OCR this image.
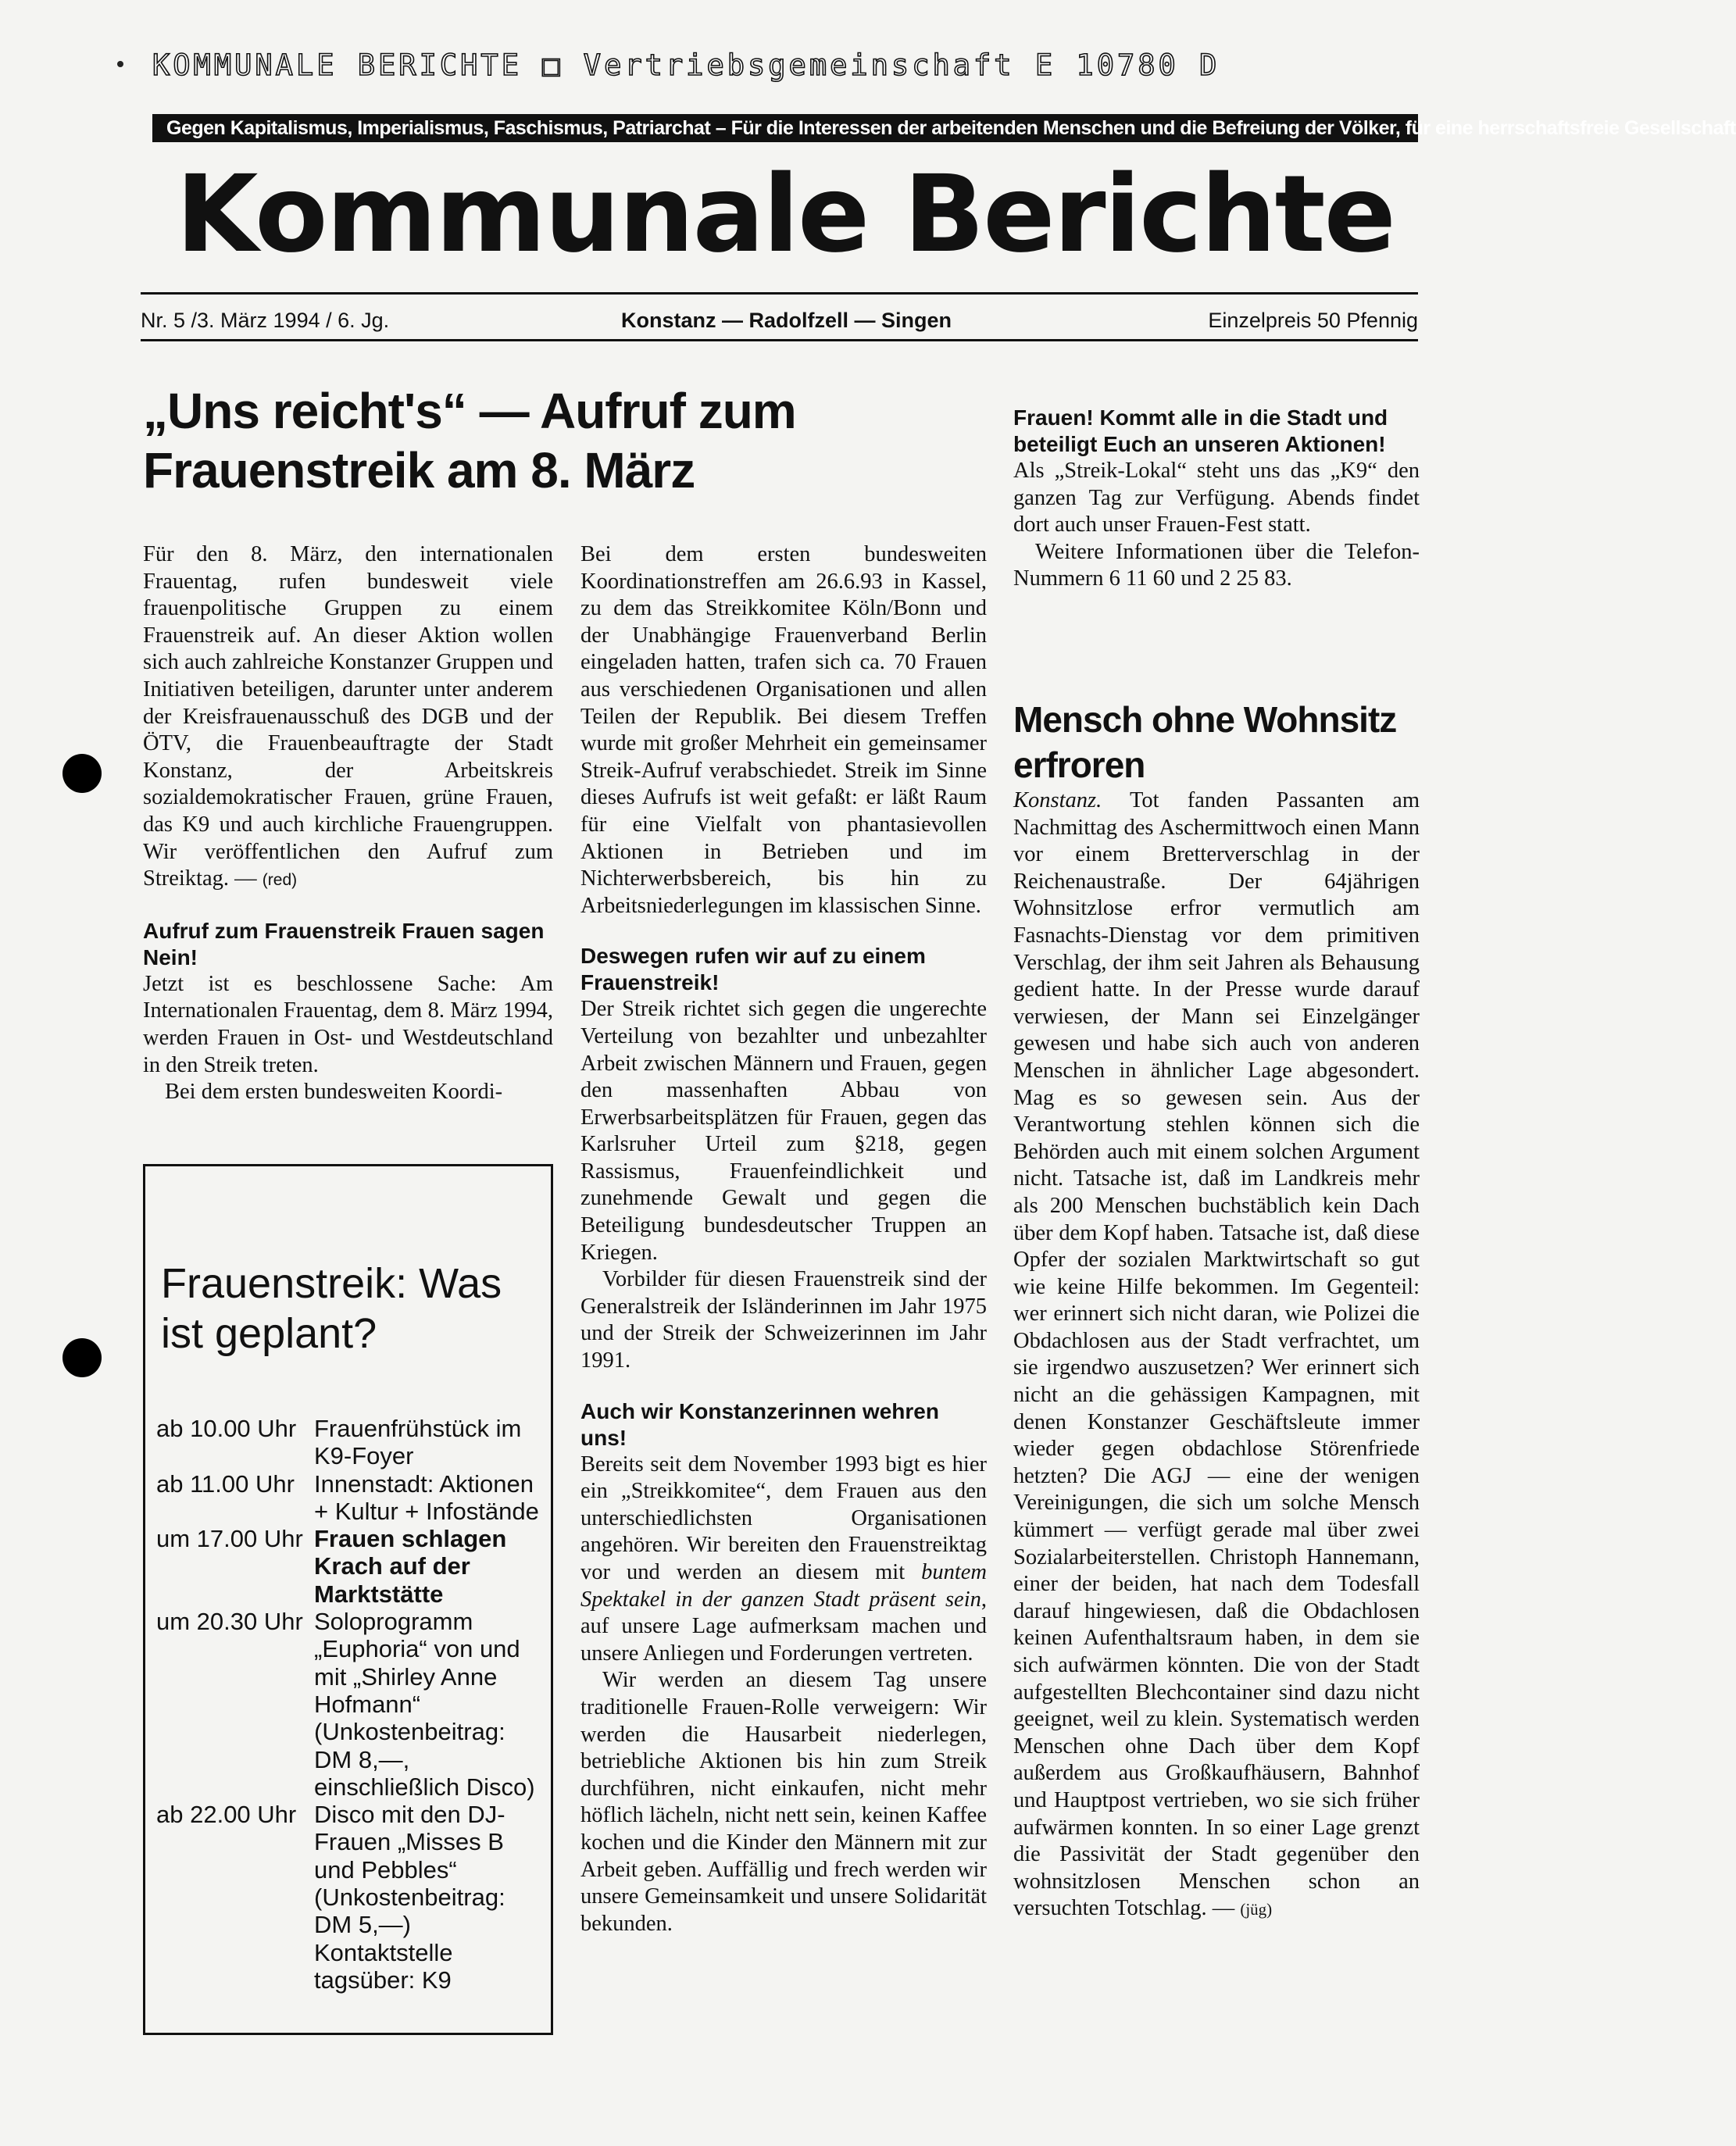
KOMMUNALE BERICHTE □ Vertriebsgemeinschaft E 10780 D
Gegen Kapitalismus, Imperialismus, Faschismus, Patriarchat – Für die Interessen der arbeitenden Menschen und die Befreiung der Völker, für eine herrschaftsfreie Gesellschaft
Kommunale Berichte
Nr. 5 /3. März 1994 / 6. Jg.	Konstanz — Radolfzell — Singen	Einzelpreis 50 Pfennig
„Uns reicht's“ — Aufruf zum Frauenstreik am 8. März

Für den 8. März, den internationalen Frauentag, rufen bundesweit viele frauenpolitische Gruppen zu einem Frauenstreik auf. An dieser Aktion wollen sich auch zahlreiche Konstanzer Gruppen und Initiativen beteiligen, darunter unter anderem der Kreisfrauenausschuß des DGB und der ÖTV, die Frauenbeauftragte der Stadt Konstanz, der Arbeitskreis sozialdemokratischer Frauen, grüne Frauen, das K9 und auch kirchliche Frauengruppen. Wir veröffentlichen den Aufruf zum Streiktag. — (red)

Aufruf zum Frauenstreik Frauen sagen Nein!

Jetzt ist es beschlossene Sache: Am Internationalen Frauentag, dem 8. März 1994, werden Frauen in Ost- und Westdeutschland in den Streik treten.

Bei dem ersten bundesweiten Koordi-

Frauenstreik: Was ist geplant?
ab 10.00 Uhr Frauenfrühstück im K9-Foyer
ab 11.00 Uhr Innenstadt: Aktionen + Kultur + Infostände
um 17.00 Uhr Frauen schlagen Krach auf der Marktstätte
um 20.30 Uhr Soloprogramm „Euphoria“ von und mit „Shirley Anne Hofmann“ (Unkostenbeitrag: DM 8,—, einschließlich Disco)
ab 22.00 Uhr Disco mit den DJ-Frauen „Misses B und Pebbles“ (Unkostenbeitrag: DM 5,—) Kontaktstelle tagsüber: K9

Bei dem ersten bundesweiten Koordinationstreffen am 26.6.93 in Kassel, zu dem das Streikkomitee Köln/Bonn und der Unabhängige Frauenverband Berlin eingeladen hatten, trafen sich ca. 70 Frauen aus verschiedenen Organisationen und allen Teilen der Republik. Bei diesem Treffen wurde mit großer Mehrheit ein gemeinsamer Streik-Aufruf verabschiedet. Streik im Sinne dieses Aufrufs ist weit gefaßt: er läßt Raum für eine Vielfalt von phantasievollen Aktionen in Betrieben und im Nichterwerbsbereich, bis hin zu Arbeitsniederlegungen im klassischen Sinne.

Deswegen rufen wir auf zu einem Frauenstreik!

Der Streik richtet sich gegen die ungerechte Verteilung von bezahlter und unbezahlter Arbeit zwischen Männern und Frauen, gegen den massenhaften Abbau von Erwerbsarbeitsplätzen für Frauen, gegen das Karlsruher Urteil zum §218, gegen Rassismus, Frauenfeindlichkeit und zunehmende Gewalt und gegen die Beteiligung bundesdeutscher Truppen an Kriegen.

Vorbilder für diesen Frauenstreik sind der Generalstreik der Isländerinnen im Jahr 1975 und der Streik der Schweizerinnen im Jahr 1991.

Auch wir Konstanzerinnen wehren uns!

Bereits seit dem November 1993 bigt es hier ein „Streikkomitee“, dem Frauen aus den unterschiedlichsten Organisationen angehören. Wir bereiten den Frauenstreiktag vor und werden an diesem mit buntem Spektakel in der ganzen Stadt präsent sein, auf unsere Lage aufmerksam machen und unsere Anliegen und Forderungen vertreten.

Wir werden an diesem Tag unsere traditionelle Frauen-Rolle verweigern: Wir werden die Hausarbeit niederlegen, betriebliche Aktionen bis hin zum Streik durchführen, nicht einkaufen, nicht mehr höflich lächeln, nicht nett sein, keinen Kaffee kochen und die Kinder den Männern mit zur Arbeit geben. Auffällig und frech werden wir unsere Gemeinsamkeit und unsere Solidarität bekunden.

Frauen! Kommt alle in die Stadt und beteiligt Euch an unseren Aktionen!

Als „Streik-Lokal“ steht uns das „K9“ den ganzen Tag zur Verfügung. Abends findet dort auch unser Frauen-Fest statt.

Weitere Informationen über die Telefon-Nummern 6 11 60 und 2 25 83.

Mensch ohne Wohnsitz erfroren

Konstanz. Tot fanden Passanten am Nachmittag des Aschermittwoch einen Mann vor einem Bretterverschlag in der Reichenaustraße. Der 64jährigen Wohnsitzlose erfror vermutlich am Fasnachts-Dienstag vor dem primitiven Verschlag, der ihm seit Jahren als Behausung gedient hatte. In der Presse wurde darauf verwiesen, der Mann sei Einzelgänger gewesen und habe sich auch von anderen Menschen in ähnlicher Lage abgesondert. Mag es so gewesen sein. Aus der Verantwortung stehlen können sich die Behörden auch mit einem solchen Argument nicht. Tatsache ist, daß im Landkreis mehr als 200 Menschen buchstäblich kein Dach über dem Kopf haben. Tatsache ist, daß diese Opfer der sozialen Marktwirtschaft so gut wie keine Hilfe bekommen. Im Gegenteil: wer erinnert sich nicht daran, wie Polizei die Obdachlosen aus der Stadt verfrachtet, um sie irgendwo auszusetzen? Wer erinnert sich nicht an die gehässigen Kampagnen, mit denen Konstanzer Geschäftsleute immer wieder gegen obdachlose Störenfriede hetzten? Die AGJ — eine der wenigen Vereinigungen, die sich um solche Mensch kümmert — verfügt gerade mal über zwei Sozialarbeiterstellen. Christoph Hannemann, einer der beiden, hat nach dem Todesfall darauf hingewiesen, daß die Obdachlosen keinen Aufenthaltsraum haben, in dem sie sich aufwärmen könnten. Die von der Stadt aufgestellten Blechcontainer sind dazu nicht geeignet, weil zu klein. Systematisch werden Menschen ohne Dach über dem Kopf außerdem aus Großkaufhäusern, Bahnhof und Hauptpost vertrieben, wo sie sich früher aufwärmen konnten. In so einer Lage grenzt die Passivität der Stadt gegenüber den wohnsitzlosen Menschen schon an versuchten Totschlag. — (jüg)
